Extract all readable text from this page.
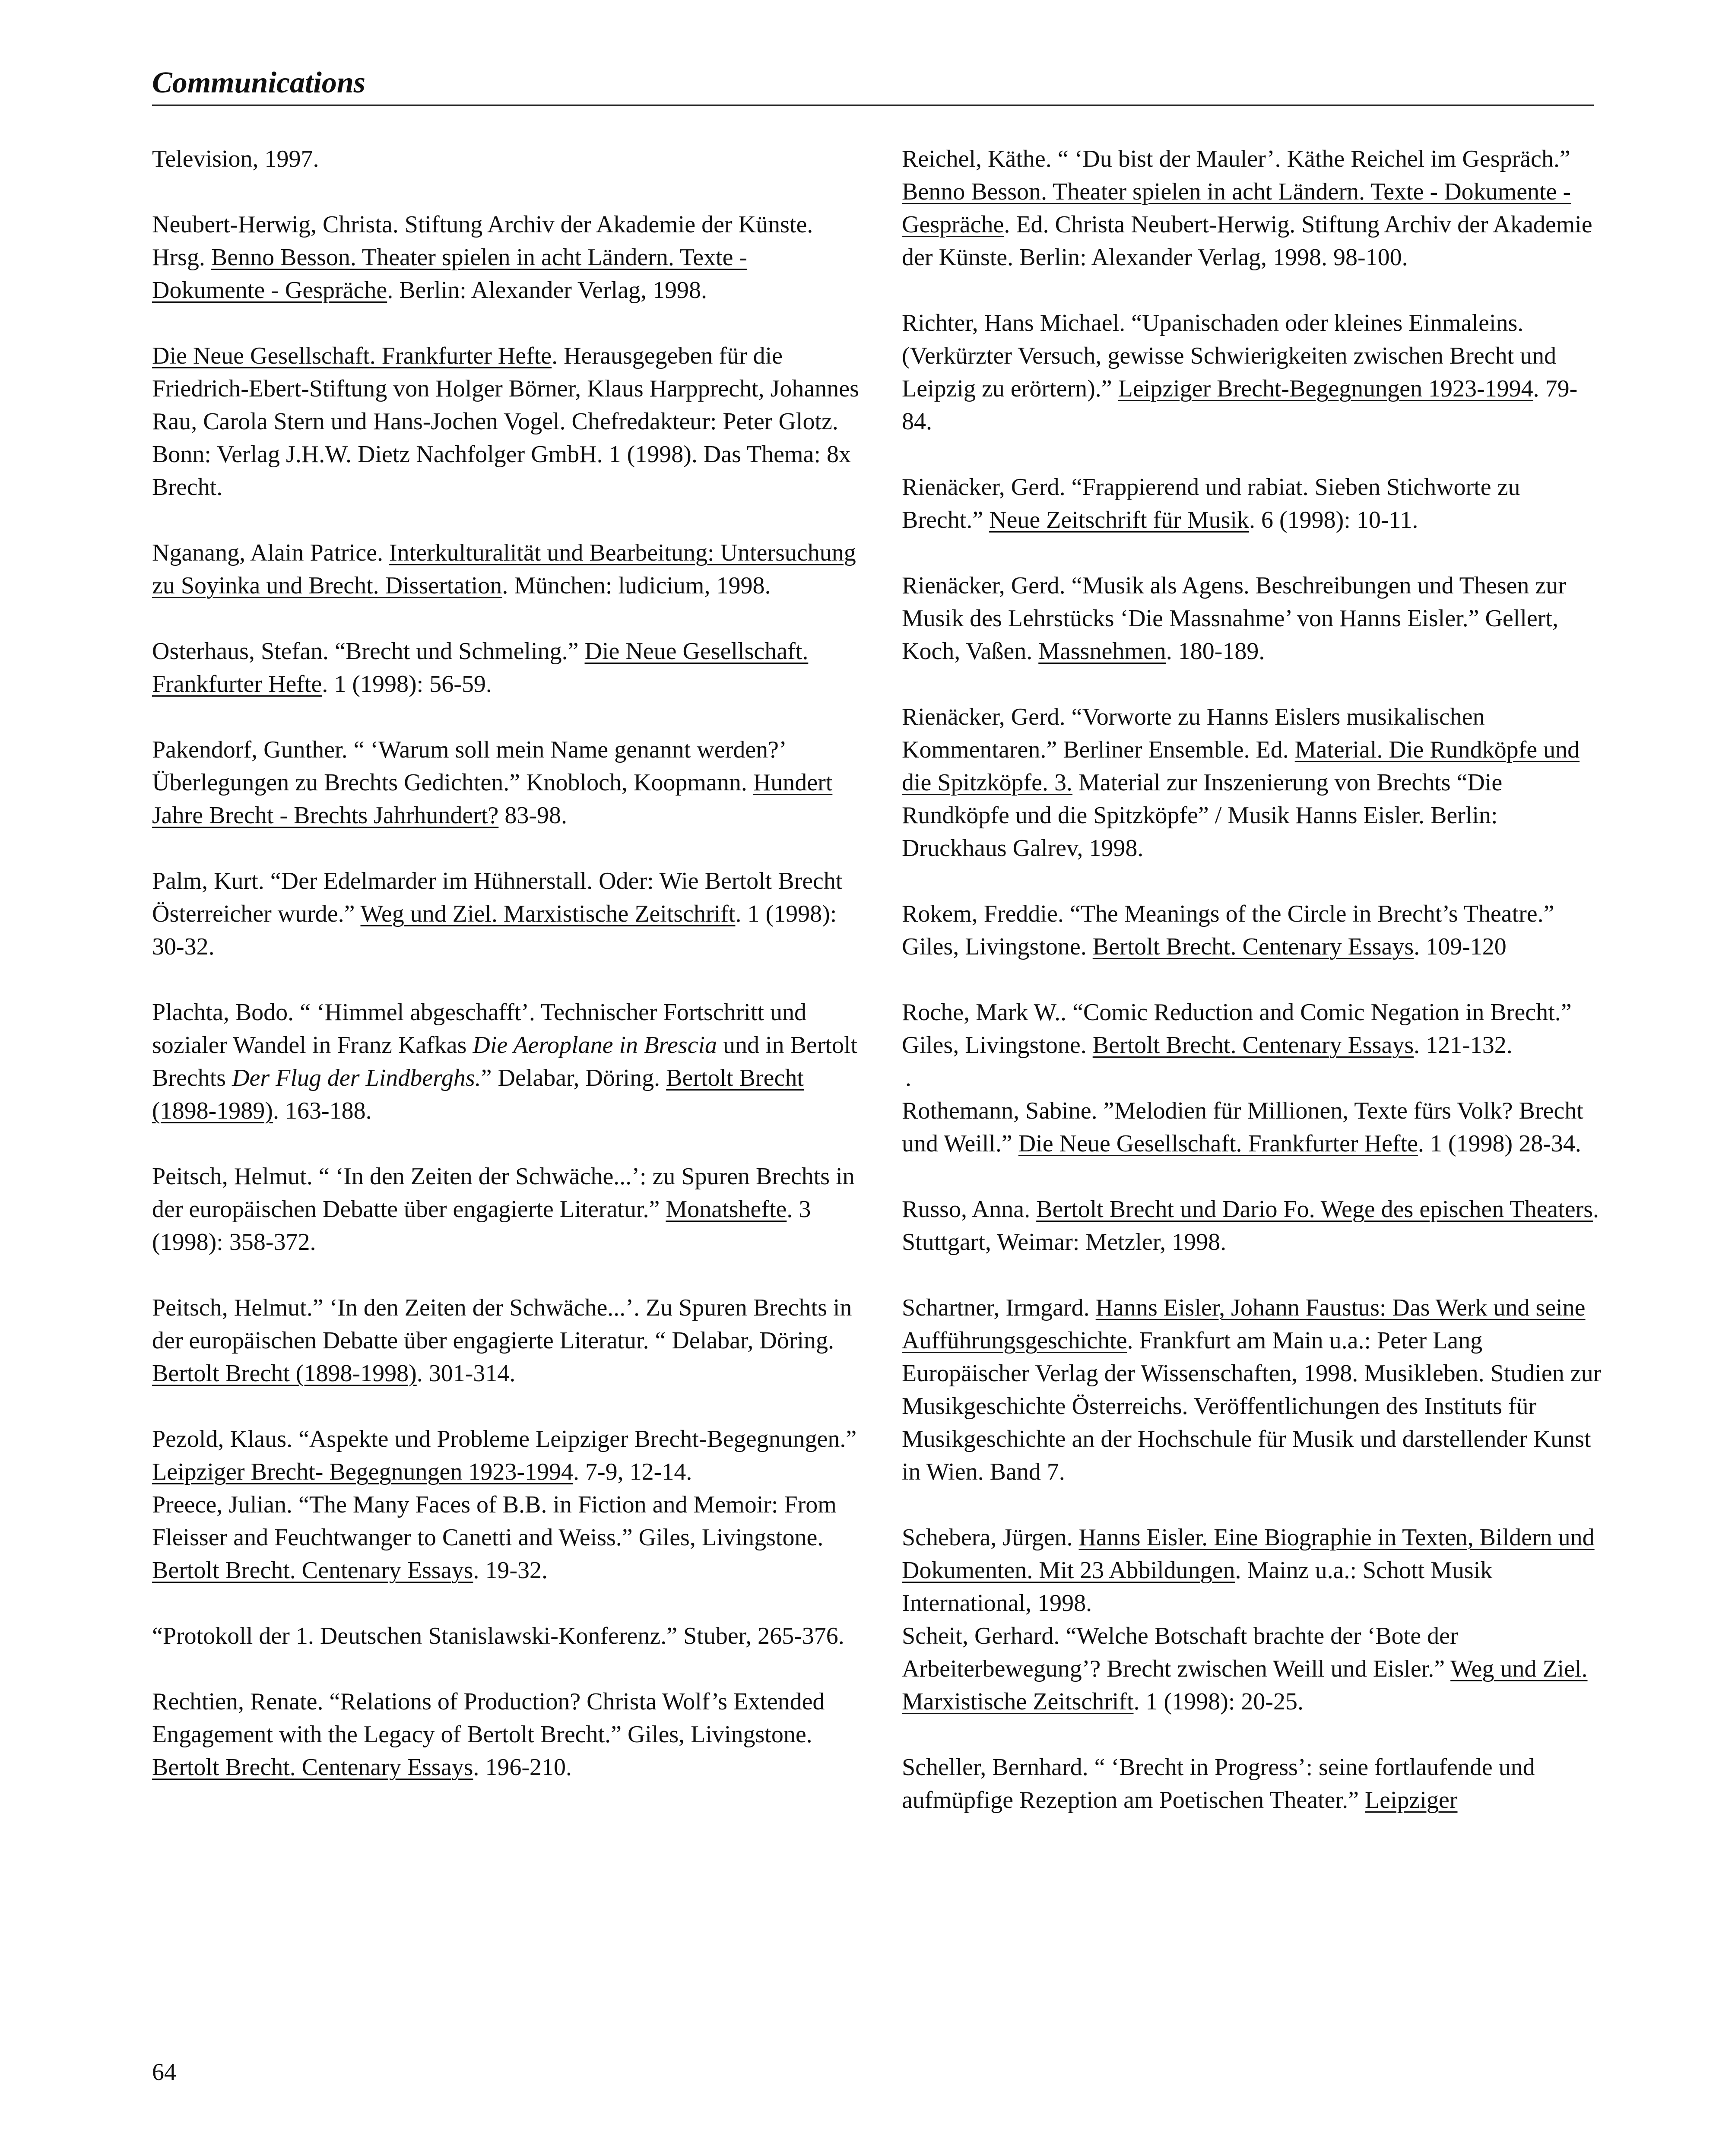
Communications

Television, 1997.

Neubert-Herwig, Christa. Stiftung Archiv der Akademie der Künste. Hrsg. Benno Besson. Theater spielen in acht Ländern. Texte - Dokumente - Gespräche. Berlin: Alexander Verlag, 1998.

Die Neue Gesellschaft. Frankfurter Hefte. Herausgegeben für die Friedrich-Ebert-Stiftung von Holger Börner, Klaus Harpprecht, Johannes Rau, Carola Stern und Hans-Jochen Vogel. Chefredakteur: Peter Glotz. Bonn: Verlag J.H.W. Dietz Nachfolger GmbH. 1 (1998). Das Thema: 8x Brecht.

Nganang, Alain Patrice. Interkulturalität und Bearbeitung: Untersuchung zu Soyinka und Brecht. Dissertation. München: ludicium, 1998.

Osterhaus, Stefan. “Brecht und Schmeling.” Die Neue Gesellschaft. Frankfurter Hefte. 1 (1998): 56-59.

Pakendorf, Gunther. “ ‘Warum soll mein Name genannt werden?’ Überlegungen zu Brechts Gedichten.” Knobloch, Koopmann. Hundert Jahre Brecht - Brechts Jahrhundert? 83-98.

Palm, Kurt. “Der Edelmarder im Hühnerstall. Oder: Wie Bertolt Brecht Österreicher wurde.” Weg und Ziel. Marxistische Zeitschrift. 1 (1998): 30-32.

Plachta, Bodo. “ ‘Himmel abgeschafft’. Technischer Fortschritt und sozialer Wandel in Franz Kafkas Die Aeroplane in Brescia und in Bertolt Brechts Der Flug der Lindberghs.” Delabar, Döring. Bertolt Brecht (1898-1989). 163-188.

Peitsch, Helmut. “ ‘In den Zeiten der Schwäche...’: zu Spuren Brechts in der europäischen Debatte über engagierte Literatur.” Monatshefte. 3 (1998): 358-372.

Peitsch, Helmut.” ‘In den Zeiten der Schwäche...’. Zu Spuren Brechts in der europäischen Debatte über engagierte Literatur. “ Delabar, Döring. Bertolt Brecht (1898-1998). 301-314.

Pezold, Klaus. “Aspekte und Probleme Leipziger Brecht-Begegnungen.” Leipziger Brecht- Begegnungen 1923-1994. 7-9, 12-14.

Preece, Julian. “The Many Faces of B.B. in Fiction and Memoir: From Fleisser and Feuchtwanger to Canetti and Weiss.” Giles, Livingstone. Bertolt Brecht. Centenary Essays. 19-32.

“Protokoll der 1. Deutschen Stanislawski-Konferenz.” Stuber, 265-376.

Rechtien, Renate. “Relations of Production? Christa Wolf’s Extended Engagement with the Legacy of Bertolt Brecht.” Giles, Livingstone. Bertolt Brecht. Centenary Essays. 196-210.

Reichel, Käthe. “ ‘Du bist der Mauler’. Käthe Reichel im Gespräch.” Benno Besson. Theater spielen in acht Ländern. Texte - Dokumente - Gespräche. Ed. Christa Neubert-Herwig. Stiftung Archiv der Akademie der Künste. Berlin: Alexander Verlag, 1998. 98-100.

Richter, Hans Michael. “Upanischaden oder kleines Einmaleins. (Verkürzter Versuch, gewisse Schwierigkeiten zwischen Brecht und Leipzig zu erörtern).” Leipziger Brecht-Begegnungen 1923-1994. 79-84.

Rienäcker, Gerd. “Frappierend und rabiat. Sieben Stichworte zu Brecht.” Neue Zeitschrift für Musik. 6 (1998): 10-11.

Rienäcker, Gerd. “Musik als Agens. Beschreibungen und Thesen zur Musik des Lehrstücks ‘Die Massnahme’ von Hanns Eisler.” Gellert, Koch, Vaßen. Massnehmen. 180-189.

Rienäcker, Gerd. “Vorworte zu Hanns Eislers musikalischen Kommentaren.” Berliner Ensemble. Ed. Material. Die Rundköpfe und die Spitzköpfe. 3. Material zur Inszenierung von Brechts “Die Rundköpfe und die Spitzköpfe” / Musik Hanns Eisler. Berlin: Druckhaus Galrev, 1998.

Rokem, Freddie. “The Meanings of the Circle in Brecht’s Theatre.” Giles, Livingstone. Bertolt Brecht. Centenary Essays. 109-120

Roche, Mark W.. “Comic Reduction and Comic Negation in Brecht.” Giles, Livingstone. Bertolt Brecht. Centenary Essays. 121-132.

.

Rothemann, Sabine. ”Melodien für Millionen, Texte fürs Volk? Brecht und Weill.” Die Neue Gesellschaft. Frankfurter Hefte. 1 (1998) 28-34.

Russo, Anna. Bertolt Brecht und Dario Fo. Wege des epischen Theaters. Stuttgart, Weimar: Metzler, 1998.

Schartner, Irmgard. Hanns Eisler, Johann Faustus: Das Werk und seine Aufführungsgeschichte. Frankfurt am Main u.a.: Peter Lang Europäischer Verlag der Wissenschaften, 1998. Musikleben. Studien zur Musikgeschichte Österreichs. Veröffentlichungen des Instituts für Musikgeschichte an der Hochschule für Musik und darstellender Kunst in Wien. Band 7.

Schebera, Jürgen. Hanns Eisler. Eine Biographie in Texten, Bildern und Dokumenten. Mit 23 Abbildungen. Mainz u.a.: Schott Musik International, 1998.

Scheit, Gerhard. “Welche Botschaft brachte der ‘Bote der Arbeiterbewegung’? Brecht zwischen Weill und Eisler.” Weg und Ziel. Marxistische Zeitschrift. 1 (1998): 20-25.

Scheller, Bernhard. “ ‘Brecht in Progress’: seine fortlaufende und aufmüpfige Rezeption am Poetischen Theater.” Leipziger

64
